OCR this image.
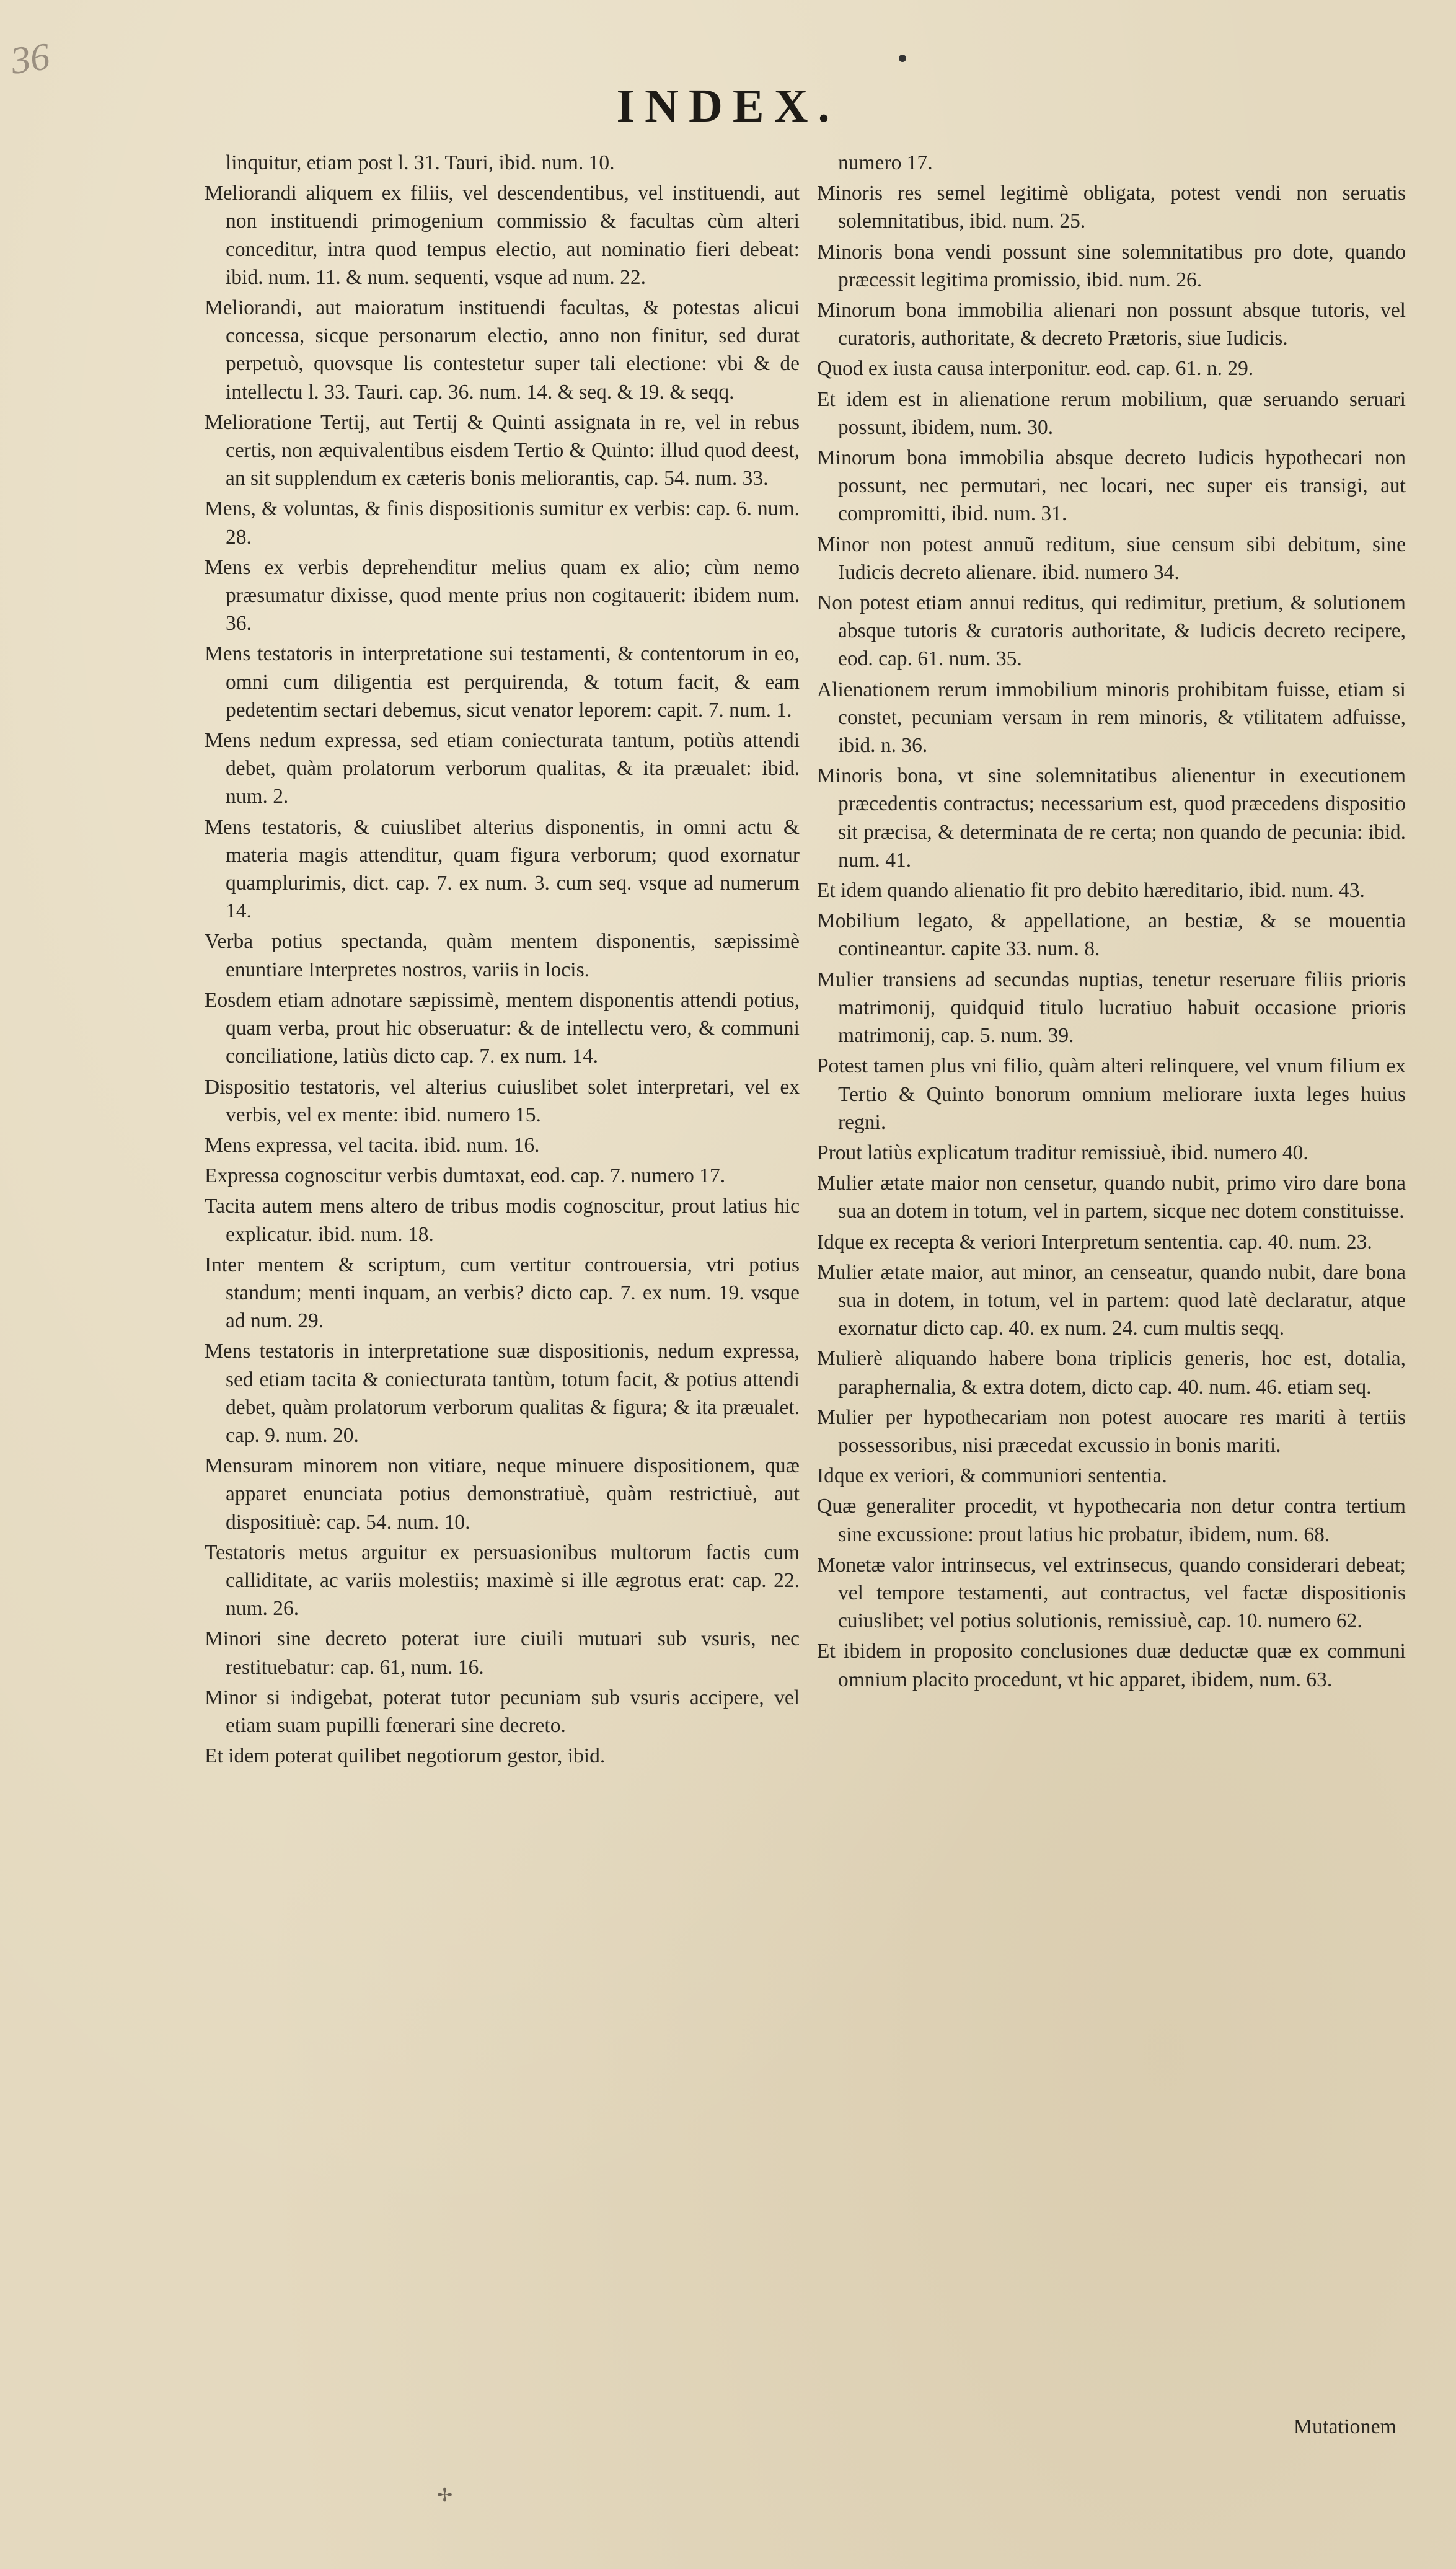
36
INDEX.

linquitur, etiam post l. 31. Tauri, ibid. num. 10.

Meliorandi aliquem ex filiis, vel descendentibus, vel instituendi, aut non instituendi primogenium commissio & facultas cùm alteri conceditur, intra quod tempus electio, aut nominatio fieri debeat: ibid. num. 11. & num. sequenti, vsque ad num. 22.

Meliorandi, aut maioratum instituendi facultas, & potestas alicui concessa, sicque personarum electio, anno non finitur, sed durat perpetuò, quovsque lis contestetur super tali electione: vbi & de intellectu l. 33. Tauri. cap. 36. num. 14. & seq. & 19. & seqq.

Melioratione Tertij, aut Tertij & Quinti assignata in re, vel in rebus certis, non æquivalentibus eisdem Tertio & Quinto: illud quod deest, an sit supplendum ex cæteris bonis meliorantis, cap. 54. num. 33.

Mens, & voluntas, & finis dispositionis sumitur ex verbis: cap. 6. num. 28.

Mens ex verbis deprehenditur melius quam ex alio; cùm nemo præsumatur dixisse, quod mente prius non cogitauerit: ibidem num. 36.

Mens testatoris in interpretatione sui testamenti, & contentorum in eo, omni cum diligentia est perquirenda, & totum facit, & eam pedetentim sectari debemus, sicut venator leporem: capit. 7. num. 1.

Mens nedum expressa, sed etiam coniecturata tantum, potiùs attendi debet, quàm prolatorum verborum qualitas, & ita præualet: ibid. num. 2.

Mens testatoris, & cuiuslibet alterius disponentis, in omni actu & materia magis attenditur, quam figura verborum; quod exornatur quamplurimis, dict. cap. 7. ex num. 3. cum seq. vsque ad numerum 14.

Verba potius spectanda, quàm mentem disponentis, sæpissimè enuntiare Interpretes nostros, variis in locis.

Eosdem etiam adnotare sæpissimè, mentem disponentis attendi potius, quam verba, prout hic obseruatur: & de intellectu vero, & communi conciliatione, latiùs dicto cap. 7. ex num. 14.

Dispositio testatoris, vel alterius cuiuslibet solet interpretari, vel ex verbis, vel ex mente: ibid. numero 15.

Mens expressa, vel tacita. ibid. num. 16.

Expressa cognoscitur verbis dumtaxat, eod. cap. 7. numero 17.

Tacita autem mens altero de tribus modis cognoscitur, prout latius hic explicatur. ibid. num. 18.

Inter mentem & scriptum, cum vertitur controuersia, vtri potius standum; menti inquam, an verbis? dicto cap. 7. ex num. 19. vsque ad num. 29.

Mens testatoris in interpretatione suæ dispositionis, nedum expressa, sed etiam tacita & coniecturata tantùm, totum facit, & potius attendi debet, quàm prolatorum verborum qualitas & figura; & ita præualet. cap. 9. num. 20.

Mensuram minorem non vitiare, neque minuere dispositionem, quæ apparet enunciata potius demonstratiuè, quàm restrictiuè, aut dispositiuè: cap. 54. num. 10.

Testatoris metus arguitur ex persuasionibus multorum factis cum calliditate, ac variis molestiis; maximè si ille ægrotus erat: cap. 22. num. 26.

Minori sine decreto poterat iure ciuili mutuari sub vsuris, nec restituebatur: cap. 61, num. 16.

Minor si indigebat, poterat tutor pecuniam sub vsuris accipere, vel etiam suam pupilli fœnerari sine decreto.

Et idem poterat quilibet negotiorum gestor, ibid.

numero 17.

Minoris res semel legitimè obligata, potest vendi non seruatis solemnitatibus, ibid. num. 25.

Minoris bona vendi possunt sine solemnitatibus pro dote, quando præcessit legitima promissio, ibid. num. 26.

Minorum bona immobilia alienari non possunt absque tutoris, vel curatoris, authoritate, & decreto Prætoris, siue Iudicis.

Quod ex iusta causa interponitur. eod. cap. 61. n. 29.

Et idem est in alienatione rerum mobilium, quæ seruando seruari possunt, ibidem, num. 30.

Minorum bona immobilia absque decreto Iudicis hypothecari non possunt, nec permutari, nec locari, nec super eis transigi, aut compromitti, ibid. num. 31.

Minor non potest annuũ reditum, siue censum sibi debitum, sine Iudicis decreto alienare. ibid. numero 34.

Non potest etiam annui reditus, qui redimitur, pretium, & solutionem absque tutoris & curatoris authoritate, & Iudicis decreto recipere, eod. cap. 61. num. 35.

Alienationem rerum immobilium minoris prohibitam fuisse, etiam si constet, pecuniam versam in rem minoris, & vtilitatem adfuisse, ibid. n. 36.

Minoris bona, vt sine solemnitatibus alienentur in executionem præcedentis contractus; necessarium est, quod præcedens dispositio sit præcisa, & determinata de re certa; non quando de pecunia: ibid. num. 41.

Et idem quando alienatio fit pro debito hæreditario, ibid. num. 43.

Mobilium legato, & appellatione, an bestiæ, & se mouentia contineantur. capite 33. num. 8.

Mulier transiens ad secundas nuptias, tenetur reseruare filiis prioris matrimonij, quidquid titulo lucratiuo habuit occasione prioris matrimonij, cap. 5. num. 39.

Potest tamen plus vni filio, quàm alteri relinquere, vel vnum filium ex Tertio & Quinto bonorum omnium meliorare iuxta leges huius regni.

Prout latiùs explicatum traditur remissiuè, ibid. numero 40.

Mulier ætate maior non censetur, quando nubit, primo viro dare bona sua an dotem in totum, vel in partem, sicque nec dotem constituisse.

Idque ex recepta & veriori Interpretum sententia. cap. 40. num. 23.

Mulier ætate maior, aut minor, an censeatur, quando nubit, dare bona sua in dotem, in totum, vel in partem: quod latè declaratur, atque exornatur dicto cap. 40. ex num. 24. cum multis seqq.

Mulierè aliquando habere bona triplicis generis, hoc est, dotalia, paraphernalia, & extra dotem, dicto cap. 40. num. 46. etiam seq.

Mulier per hypothecariam non potest auocare res mariti à tertiis possessoribus, nisi præcedat excussio in bonis mariti.

Idque ex veriori, & communiori sententia.

Quæ generaliter procedit, vt hypothecaria non detur contra tertium sine excussione: prout latius hic probatur, ibidem, num. 68.

Monetæ valor intrinsecus, vel extrinsecus, quando considerari debeat; vel tempore testamenti, aut contractus, vel factæ dispositionis cuiuslibet; vel potius solutionis, remissiuè, cap. 10. numero 62.

Et ibidem in proposito conclusiones duæ deductæ quæ ex communi omnium placito procedunt, vt hic apparet, ibidem, num. 63.

Mutationem
✢
